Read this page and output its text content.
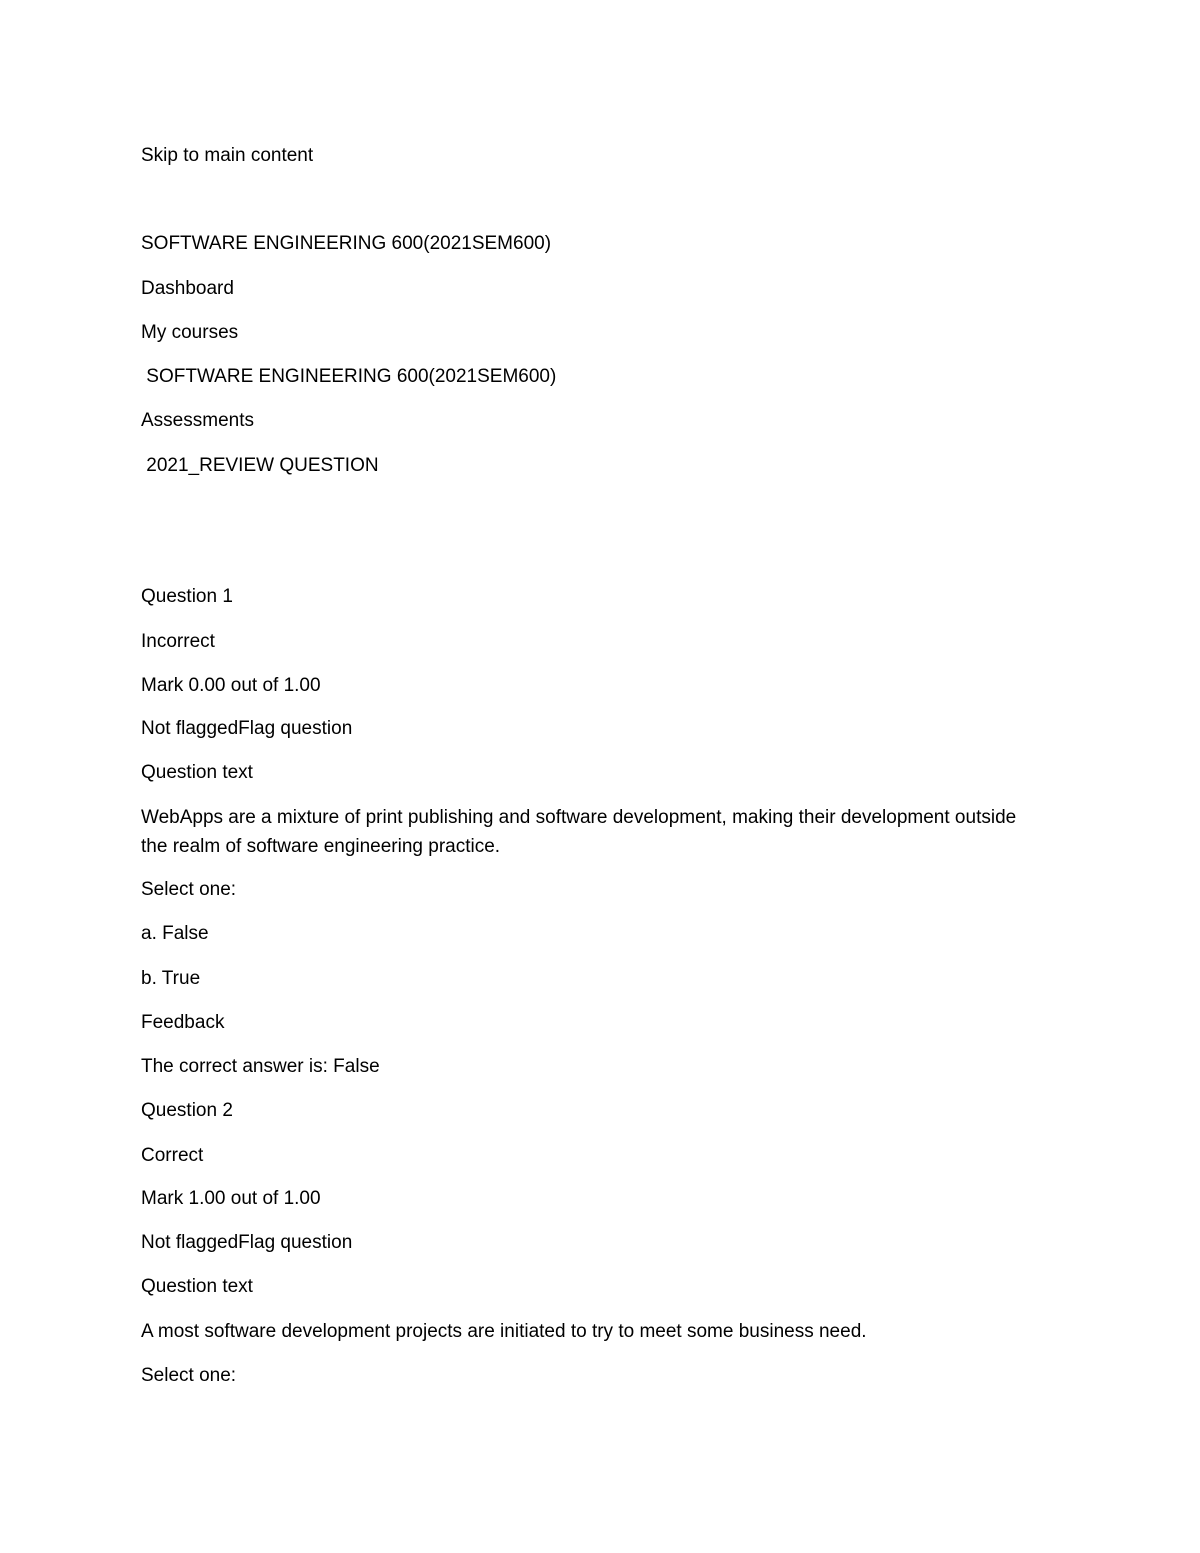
Skip to main content
SOFTWARE ENGINEERING 600(2021SEM600)
Dashboard
My courses
SOFTWARE ENGINEERING 600(2021SEM600)
Assessments
2021_REVIEW QUESTION
Question 1
Incorrect
Mark 0.00 out of 1.00
Not flaggedFlag question
Question text
WebApps are a mixture of print publishing and software development, making their development outside the realm of software engineering practice.
Select one:
a. False
b. True
Feedback
The correct answer is: False
Question 2
Correct
Mark 1.00 out of 1.00
Not flaggedFlag question
Question text
A most software development projects are initiated to try to meet some business need.
Select one:
